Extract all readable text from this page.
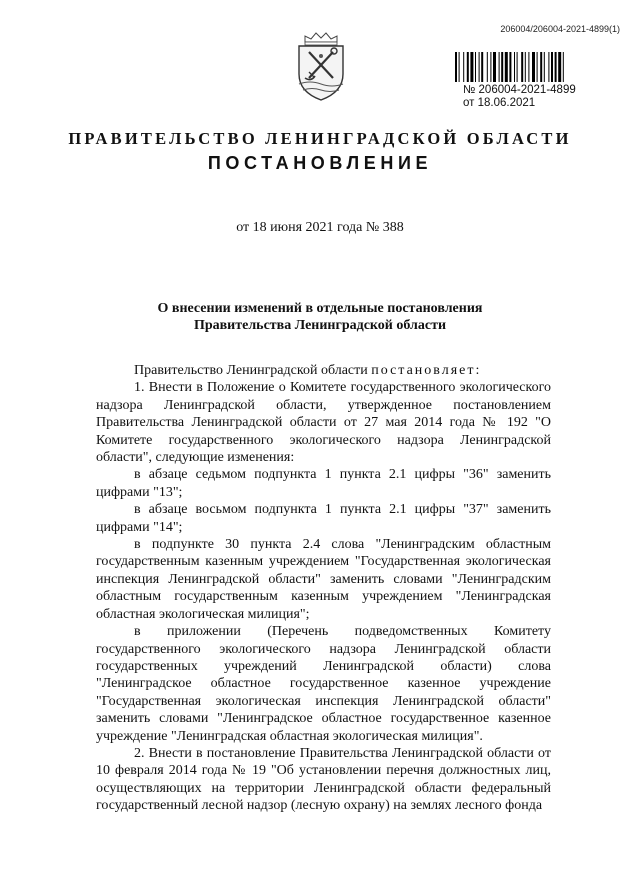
206004/206004-2021-4899(1)
№ 206004-2021-4899
от 18.06.2021
ПРАВИТЕЛЬСТВО ЛЕНИНГРАДСКОЙ ОБЛАСТИ
ПОСТАНОВЛЕНИЕ
от 18 июня 2021 года № 388
О внесении изменений в отдельные постановления
Правительства Ленинградской области

Правительство Ленинградской области постановляет:

1. Внести в Положение о Комитете государственного экологического надзора Ленинградской области, утвержденное постановлением Правительства Ленинградской области от 27 мая 2014 года № 192 "О Комитете государственного экологического надзора Ленинградской области", следующие изменения:

в абзаце седьмом подпункта 1 пункта 2.1 цифры "36" заменить цифрами "13";

в абзаце восьмом подпункта 1 пункта 2.1 цифры "37" заменить цифрами "14";

в подпункте 30 пункта 2.4 слова "Ленинградским областным государственным казенным учреждением "Государственная экологическая инспекция Ленинградской области" заменить словами "Ленинградским областным государственным казенным учреждением "Ленинградская областная экологическая милиция";

в приложении (Перечень подведомственных Комитету государственного экологического надзора Ленинградской области государственных учреждений Ленинградской области) слова "Ленинградское областное государственное казенное учреждение "Государственная экологическая инспекция Ленинградской области" заменить словами "Ленинградское областное государственное казенное учреждение "Ленинградская областная экологическая милиция".

2. Внести в постановление Правительства Ленинградской области от 10 февраля 2014 года № 19 "Об установлении перечня должностных лиц, осуществляющих на территории Ленинградской области федеральный государственный лесной надзор (лесную охрану) на землях лесного фонда
